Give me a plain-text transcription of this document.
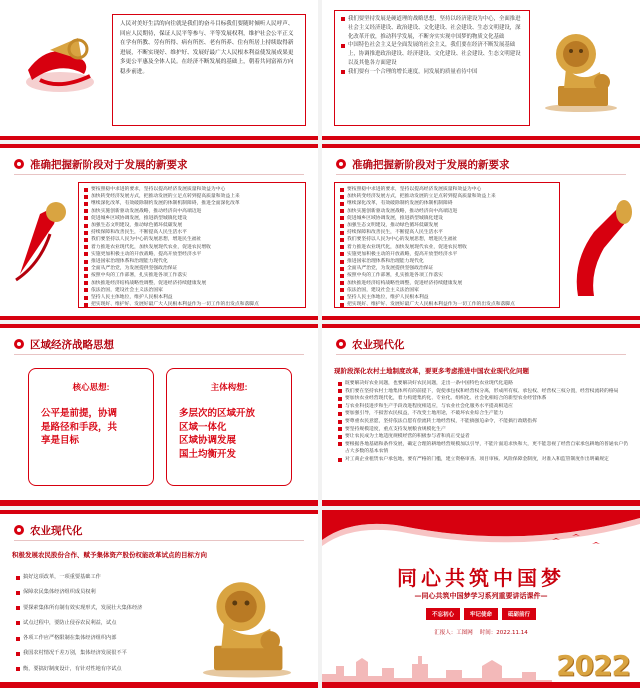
人民对美好生活的向往就是我们的奋斗目标我们要随时倾听人民呼声、回应人民期待，保证人民平等参与、平等发展权利，维护社会公平正义在学有所教、劳有所得、病有所医、老有所养、住有所居上持续取得新进展，不断实现好、维护好、发展好最广大人民根本利益使发展成果更多更公平惠及全体人民。在经济不断发展的基础上，朝着共同富裕方向稳步前进。
我们要坚持发展是硬道理的战略思想，坚持以经济建设为中心，全面推进社会主义经济建设、政治建设、文化建设、社会建设、生态文明建设，深化改革开放，推动科学发展，不断夯实实现中国梦的物质文化基础
中国特色社会主义是全面发展的社会主义，我们要在经济不断发展基础上，协调推进政治建设、经济建设、文化建设、社会建设、生态文明建设以及其他各方面建设
我们要有一个合理的增长速度，同发展的质量看待中国
准确把握新阶段对于发展的新要求
要按照稳中求进的要求，坚持以提高经济发展质量和效益为中心
加快转变经济发展方式，把推动发展的立足点转到提高质量和效益上来
继续深化改革，有效破除制约发展的体制机制障碍，推进全面深化改革
加快实施创新驱动发展战略，推动经济向中高端迈进
促进城乡区域协调发展，推进新型城镇化建设
加强生态文明建设，推动绿色循环低碳发展
持续保障和改善民生，不断提高人民生活水平
我们要坚持以人民为中心的发展思想，增进民生福祉
着力推进农业现代化，加快发展现代农业，促进农民增收
实施更加积极主动的开放战略，提高开放型经济水平
推进国家治理体系和治理能力现代化
全面从严治党，为发展提供坚强政治保证
按照中央的工作部署，扎实推进各项工作落实
加快推进经济结构战略性调整，促进经济持续健康发展
依法治国，建设社会主义法治国家
坚持人民主体地位，维护人民根本利益
把实现好、维护好、发展好最广大人民根本利益作为一切工作的出发点和落脚点
准确把握新阶段对于发展的新要求
要按照稳中求进的要求，坚持以提高经济发展质量和效益为中心
加快转变经济发展方式，把推动发展的立足点转到提高质量和效益上来
继续深化改革，有效破除制约发展的体制机制障碍
加快实施创新驱动发展战略，推动经济向中高端迈进
促进城乡区域协调发展，推进新型城镇化建设
加强生态文明建设，推动绿色循环低碳发展
持续保障和改善民生，不断提高人民生活水平
我们要坚持以人民为中心的发展思想，增进民生福祉
着力推进农业现代化，加快发展现代农业，促进农民增收
实施更加积极主动的开放战略，提高开放型经济水平
推进国家治理体系和治理能力现代化
全面从严治党，为发展提供坚强政治保证
按照中央的工作部署，扎实推进各项工作落实
加快推进经济结构战略性调整，促进经济持续健康发展
依法治国，建设社会主义法治国家
坚持人民主体地位，维护人民根本利益
把实现好、维护好、发展好最广大人民根本利益作为一切工作的出发点和落脚点
区域经济战略思想
核心思想:
公平是前提，协调
是路径和手段，共
享是目标
主体构想:
多层次的区域开放
区域一体化
区域协调发展
国土均衡开发
农业现代化
现阶段深化农村土地制度改革，要更多考虑推进中国农业现代化问题
既要解决好农业问题，也要解决好农民问题，走出一条中国特色农业现代化道路
我们要在坚持农村土地集体所有的前提下，促使承包权和经营权分离，形成所有权、承包权、经营权三权分置，经营权流转的格局
要加快农业经营现代化，着力构建集约化、专业化、组织化、社会化相结合的新型农业经营体系
与农业科技进步和生产手段改进程度相适应，与农业社会化服务水平提高相适应
要加强引导，不损害农民权益，不改变土地用途，不破坏农业综合生产能力
要尊重农民意愿，坚持依法自愿有偿流转土地经营权，不能搞强迫命令，不能搞行政瞎指挥
要坚持规模适度，重点支持发展粮食规模化生产
要让农民成为土地适度规模经营的积极参与者和真正受益者
要根据各地基础和条件发展，确定合理的耕地经营规模加以引导，不能片面追求快和大，更不能忽视了经营自家承包耕地的普通农户仍占大多数的基本农情
对工商企业租赁农户承包地，要有严格的门槛，建立资格审查、项目审核、风险保障金制度，对准入和监管制度作出明确规定
农业现代化
积极发展农民股份合作、赋予集体资产股份权能改革试点的目标方向
搞好这项改革，一项重要基础工作
保障农民集体经济组织成员权利
要探索集体所有制有效实现形式，发展壮大集体经济
试点过程中，要防止侵吞农民利益，试点
各项工作应严格限制在集体经济组织内部
我国农村情况千差万别，集体经济发展很不平
衡，要搞好制度设计，有针对性地有序试点
同心共筑中国梦
—同心共筑中国梦学习系列重要讲话课件—
不忘初心	牢记使命	砥砺前行
汇报人：工图网 时间：2022.11.14
2022
